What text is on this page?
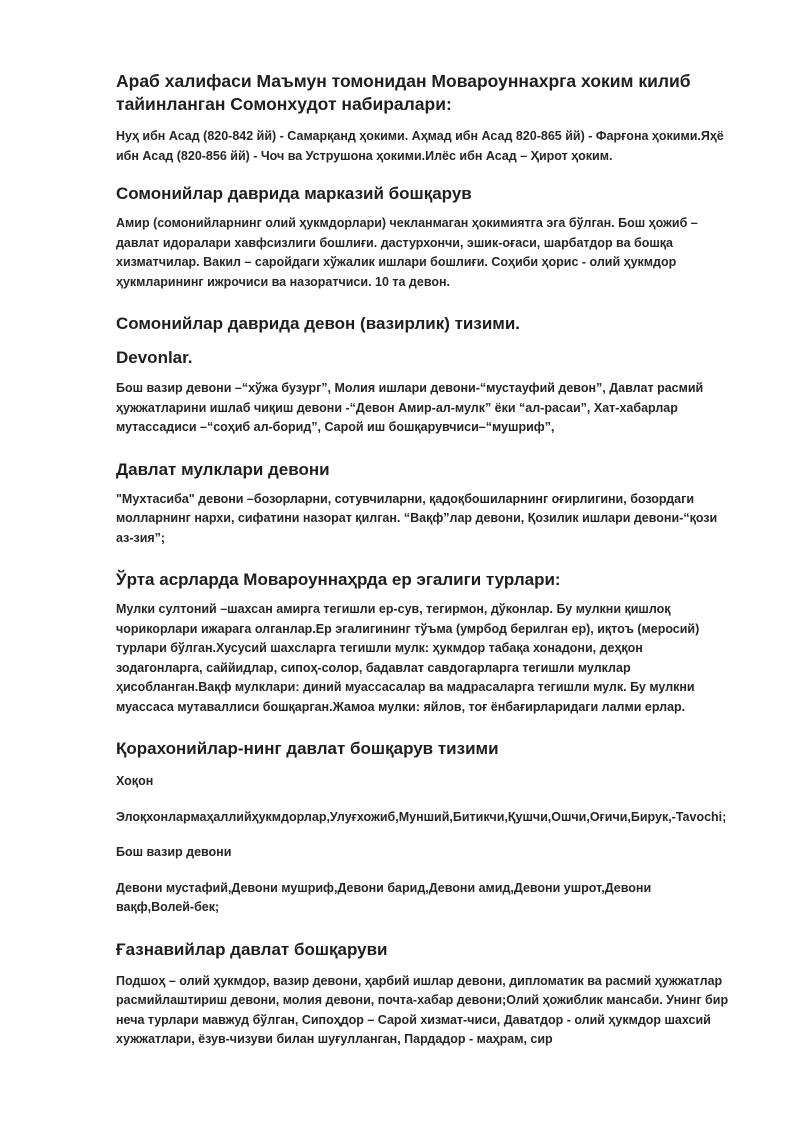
Араб халифаси Маъмун томонидан Мовароуннахрга хоким килиб тайинланган Сомонхудот набиралари:

Нуҳ ибн Асад (820-842 йй) - Самарқанд ҳокими. Аҳмад ибн Асад 820-865 йй) - Фарғона ҳокими.Яҳё ибн Асад (820-856 йй) - Чоч ва Уструшона ҳокими.Илёс ибн Асад – Ҳирот ҳоким.

Сомонийлар даврида марказий бошқарув

Амир (сомонийларнинг олий ҳукмдорлари) чекланмаган ҳокимиятга эга бўлган. Бош ҳожиб – давлат идоралари хавфсизлиги бошлиғи. дастурхончи, эшик-оғаси, шарбатдор ва бошқа хизматчилар. Вакил – саройдаги хўжалик ишлари бошлиғи. Соҳиби ҳорис - олий ҳукмдор ҳукмларининг ижрочиси ва назоратчиси. 10 та девон.

Сомонийлар даврида девон (вазирлик) тизими.
Devonlar.

Бош вазир девони –“хўжа бузург”, Молия ишлари девони-“мустауфий девон”, Давлат расмий ҳужжатларини ишлаб чиқиш девони -“Девон Амир-ал-мулк” ёки “ал-расаи”, Хат-хабарлар мутассадиси –“соҳиб ал-борид”, Сарой иш бошқарувчиси–“мушриф”,

Давлат мулклари девони

"Мухтасиба" девони –бозорларни, сотувчиларни, қадоқбошиларнинг оғирлигини, бозордаги молларнинг нархи, сифатини назорат қилган. “Вақф”лар девони, Қозилик ишлари девони-“қози аз-зия”;

Ўрта асрларда Мовароуннаҳрда ер эгалиги турлари:

Мулки султоний –шахсан амирга тегишли ер-сув, тегирмон, дўконлар. Бу мулкни қишлоқ чорикорлари ижарага олганлар.Ер эгалигининг тўъма (умрбод берилган ер), иқтоъ (меросий) турлари бўлган.Хусусий шахсларга тегишли мулк: ҳукмдор табақа хонадони, деҳқон зодагонларга, саййидлар, сипоҳ-солор, бадавлат савдогарларга тегишли мулклар ҳисобланган.Вақф мулклари: диний муассасалар ва мадрасаларга тегишли мулк. Бу мулкни муассаса мутаваллиси бошқарган.Жамоа мулки: яйлов, тоғ ёнбағирларидаги лалми ерлар.

Қорахонийлар-нинг давлат бошқарув тизими

Хоқон

Элоқхонлармаҳаллийҳукмдорлар,Улуғхожиб,Мунший,Битикчи,Қушчи,Ошчи,Оғичи,Бирук,-Tavochi;

Бош вазир девони

Девони мустафий,Девони мушриф,Девони барид,Девони амид,Девони ушрот,Девони вақф,Волей-бек;

Ғазнавийлар давлат бошқаруви

Подшоҳ – олий ҳукмдор, вазир девони, ҳарбий ишлар девони, дипломатик ва расмий ҳужжатлар расмийлаштириш девони, молия девони, почта-хабар девони;Олий ҳожиблик мансаби. Унинг бир неча турлари мавжуд бўлган, Сипоҳдор – Сарой хизмат-чиси, Даватдор - олий ҳукмдор шахсий хужжатлари, ёзув-чизуви билан шуғулланган, Пардадор - маҳрам, сир
